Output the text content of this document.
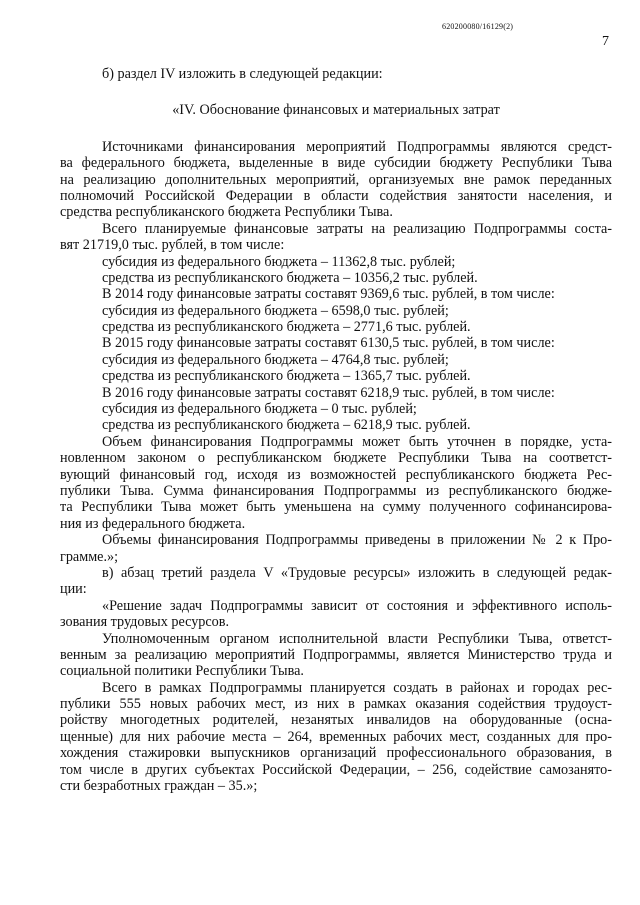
620200080/16129(2)
7
б) раздел IV изложить в следующей редакции:
«IV. Обоснование финансовых и материальных затрат
Источниками финансирования мероприятий Подпрограммы являются средст-
ва федерального бюджета, выделенные в виде субсидии бюджету Республики Тыва
на реализацию дополнительных мероприятий, организуемых вне рамок переданных
полномочий Российской Федерации в области содействия занятости населения, и
средства республиканского бюджета Республики Тыва.
Всего планируемые финансовые затраты на реализацию Подпрограммы соста-
вят 21719,0 тыс. рублей, в том числе:
субсидия из федерального бюджета – 11362,8 тыс. рублей;
средства из республиканского бюджета – 10356,2 тыс. рублей.
В 2014 году финансовые затраты составят 9369,6 тыс. рублей, в том числе:
субсидия из федерального бюджета – 6598,0 тыс. рублей;
средства из республиканского бюджета – 2771,6 тыс. рублей.
В 2015 году финансовые затраты составят 6130,5 тыс. рублей, в том числе:
субсидия из федерального бюджета – 4764,8 тыс. рублей;
средства из республиканского бюджета – 1365,7 тыс. рублей.
В 2016 году финансовые затраты составят 6218,9 тыс. рублей, в том числе:
субсидия из федерального бюджета – 0 тыс. рублей;
средства из республиканского бюджета – 6218,9 тыс. рублей.
Объем финансирования Подпрограммы может быть уточнен в порядке, уста-
новленном законом о республиканском бюджете Республики Тыва на соответст-
вующий финансовый год, исходя из возможностей республиканского бюджета Рес-
публики Тыва. Сумма финансирования Подпрограммы из республиканского бюдже-
та Республики Тыва может быть уменьшена на сумму полученного софинансирова-
ния из федерального бюджета.
Объемы финансирования Подпрограммы приведены в приложении № 2 к Про-
грамме.»;
в) абзац третий раздела V «Трудовые ресурсы» изложить в следующей редак-
ции:
«Решение задач Подпрограммы зависит от состояния и эффективного исполь-
зования трудовых ресурсов.
Уполномоченным органом исполнительной власти Республики Тыва, ответст-
венным за реализацию мероприятий Подпрограммы, является Министерство труда и
социальной политики Республики Тыва.
Всего в рамках Подпрограммы планируется создать в районах и городах рес-
публики 555 новых рабочих мест, из них в рамках оказания содействия трудоуст-
ройству многодетных родителей, незанятых инвалидов на оборудованные (осна-
щенные) для них рабочие места – 264, временных рабочих мест, созданных для про-
хождения стажировки выпускников организаций профессионального образования, в
том числе в других субъектах Российской Федерации, – 256, содействие самозанято-
сти безработных граждан – 35.»;
